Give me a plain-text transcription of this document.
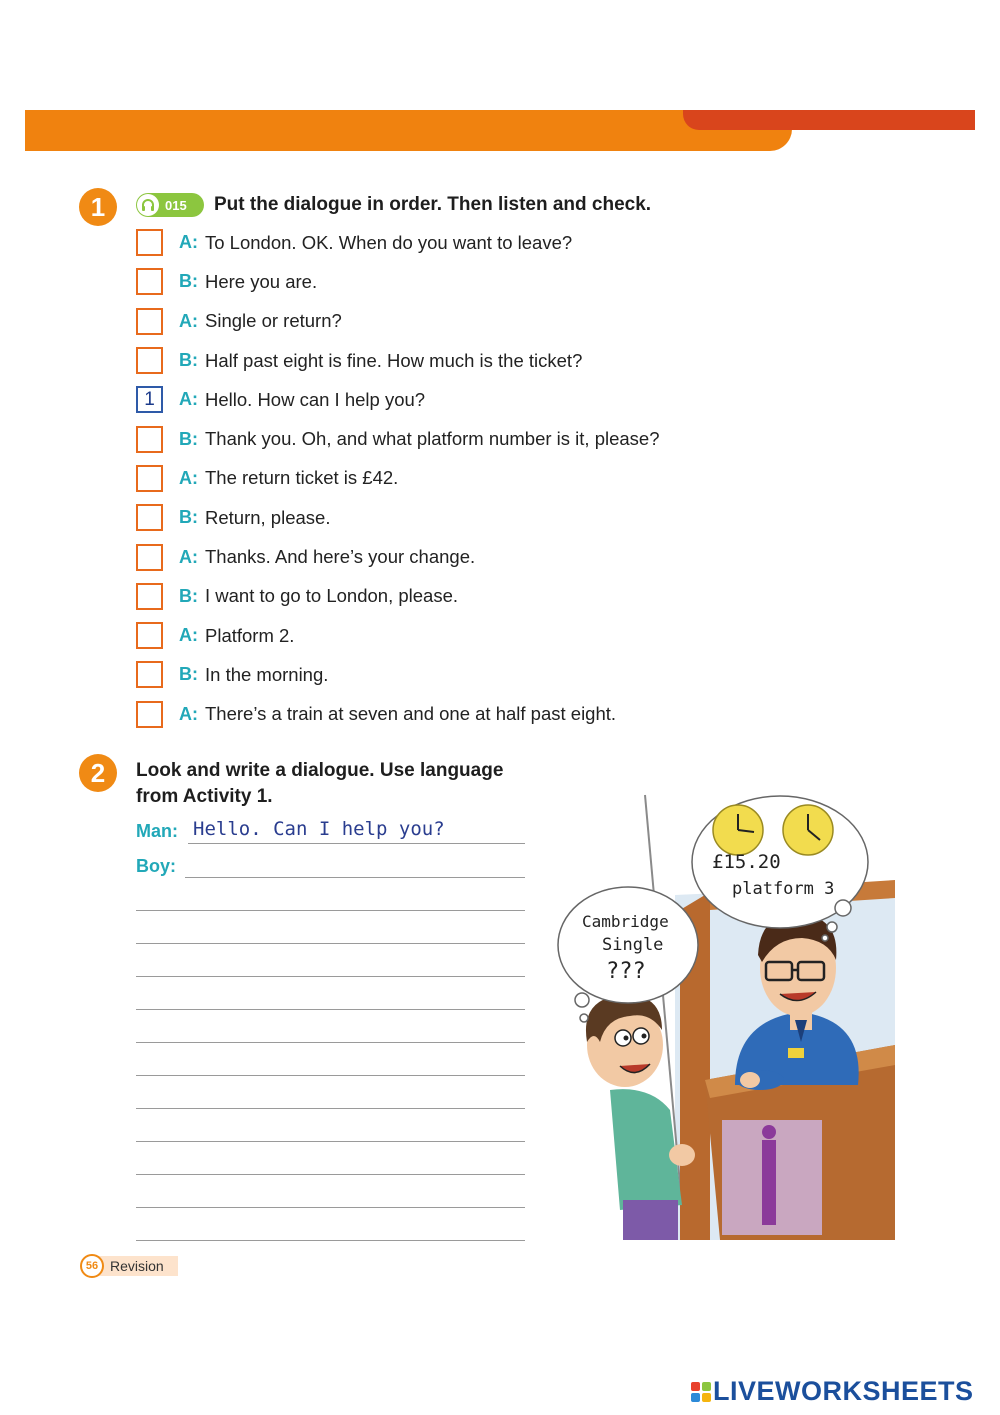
1	015 Put the dialogue in order. Then listen and check.
A: To London. OK. When do you want to leave?
B: Here you are.
A: Single or return?
B: Half past eight is fine. How much is the ticket?
1	A: Hello. How can I help you?
B: Thank you. Oh, and what platform number is it, please?
A: The return ticket is £42.
B: Return, please.
A: Thanks. And here’s your change.
B: I want to go to London, please.
A: Platform 2.
B: In the morning.
A: There’s a train at seven and one at half past eight.
2	Look and write a dialogue. Use language
from Activity 1.
Man: Hello. Can I help you?
Boy:	£15.20
platform 3
Cambridge
Single
???
56 Revision
LIVEWORKSHEETS
